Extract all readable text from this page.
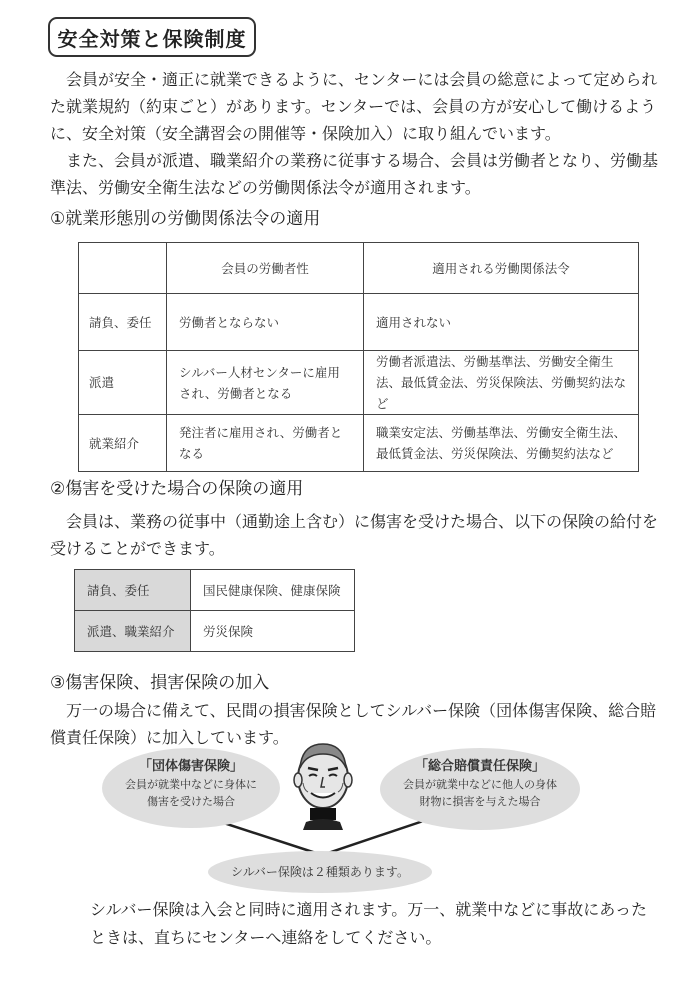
安全対策と保険制度

会員が安全・適正に就業できるように、センターには会員の総意によって定められた就業規約（約束ごと）があります。センターでは、会員の方が安心して働けるように、安全対策（安全講習会の開催等・保険加入）に取り組んでいます。

また、会員が派遣、職業紹介の業務に従事する場合、会員は労働者となり、労働基準法、労働安全衛生法などの労働関係法令が適用されます。

①就業形態別の労働関係法令の適用
	会員の労働者性	適用される労働関係法令
請負、委任	労働者とならない	適用されない
派遣	シルバー人材センターに雇用され、労働者となる	労働者派遣法、労働基準法、労働安全衛生法、最低賃金法、労災保険法、労働契約法など
就業紹介	発注者に雇用され、労働者となる	職業安定法、労働基準法、労働安全衛生法、最低賃金法、労災保険法、労働契約法など
②傷害を受けた場合の保険の適用

会員は、業務の従事中（通勤途上含む）に傷害を受けた場合、以下の保険の給付を受けることができます。

請負、委任	国民健康保険、健康保険
派遣、職業紹介	労災保険
③傷害保険、損害保険の加入

万一の場合に備えて、民間の損害保険としてシルバー保険（団体傷害保険、総合賠償責任保険）に加入しています。

「団体傷害保険」
会員が就業中などに身体に
傷害を受けた場合
「総合賠償責任保険」
会員が就業中などに他人の身体
財物に損害を与えた場合
シルバー保険は２種類あります。

シルバー保険は入会と同時に適用されます。万一、就業中などに事故にあった

ときは、直ちにセンターへ連絡をしてください。
